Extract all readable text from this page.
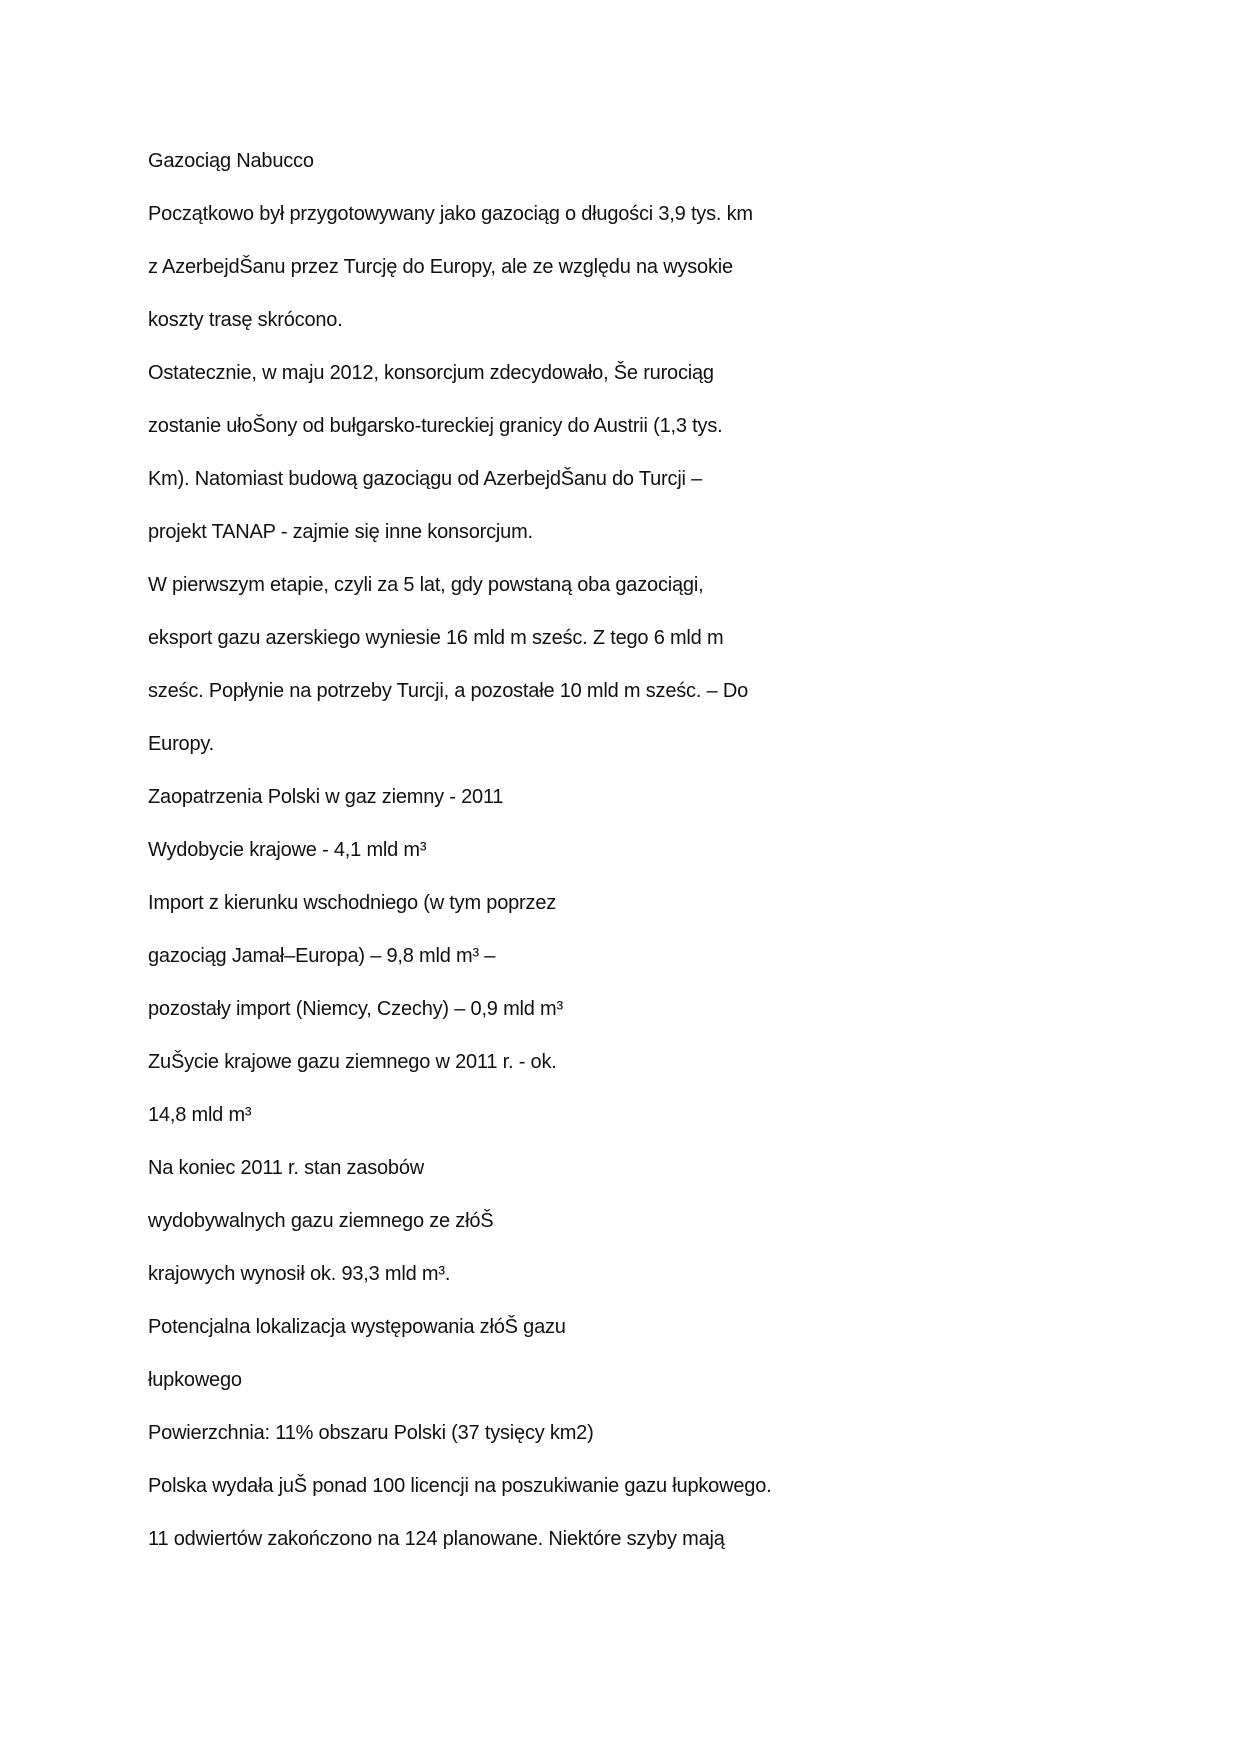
Gazociąg Nabucco
Początkowo był przygotowywany jako gazociąg o długości 3,9 tys. km
z AzerbejdŠanu przez Turcję do Europy, ale ze względu na wysokie
koszty trasę skrócono.
Ostatecznie, w maju 2012, konsorcjum zdecydowało, Še rurociąg
zostanie ułoŠony od bułgarsko-tureckiej granicy do Austrii (1,3 tys.
Km). Natomiast budową gazociągu od AzerbejdŠanu do Turcji –
projekt TANAP - zajmie się inne konsorcjum.
W pierwszym etapie, czyli za 5 lat, gdy powstaną oba gazociągi,
eksport gazu azerskiego wyniesie 16 mld m sześc. Z tego 6 mld m
sześc. Popłynie na potrzeby Turcji, a pozostałe 10 mld m sześc. – Do
Europy.
Zaopatrzenia Polski w gaz ziemny - 2011
Wydobycie krajowe - 4,1 mld m³
Import z kierunku wschodniego (w tym poprzez
gazociąg Jamał–Europa) – 9,8 mld m³ –
pozostały import (Niemcy, Czechy) – 0,9 mld m³
ZuŠycie krajowe gazu ziemnego w 2011 r. - ok.
14,8 mld m³
Na koniec 2011 r. stan zasobów
wydobywalnych gazu ziemnego ze złóŠ
krajowych wynosił ok. 93,3 mld m³.
Potencjalna lokalizacja występowania złóŠ gazu
łupkowego
Powierzchnia: 11% obszaru Polski (37 tysięcy km2)
Polska wydała juŠ ponad 100 licencji na poszukiwanie gazu łupkowego.
11 odwiertów zakończono na 124 planowane. Niektóre szyby mają
